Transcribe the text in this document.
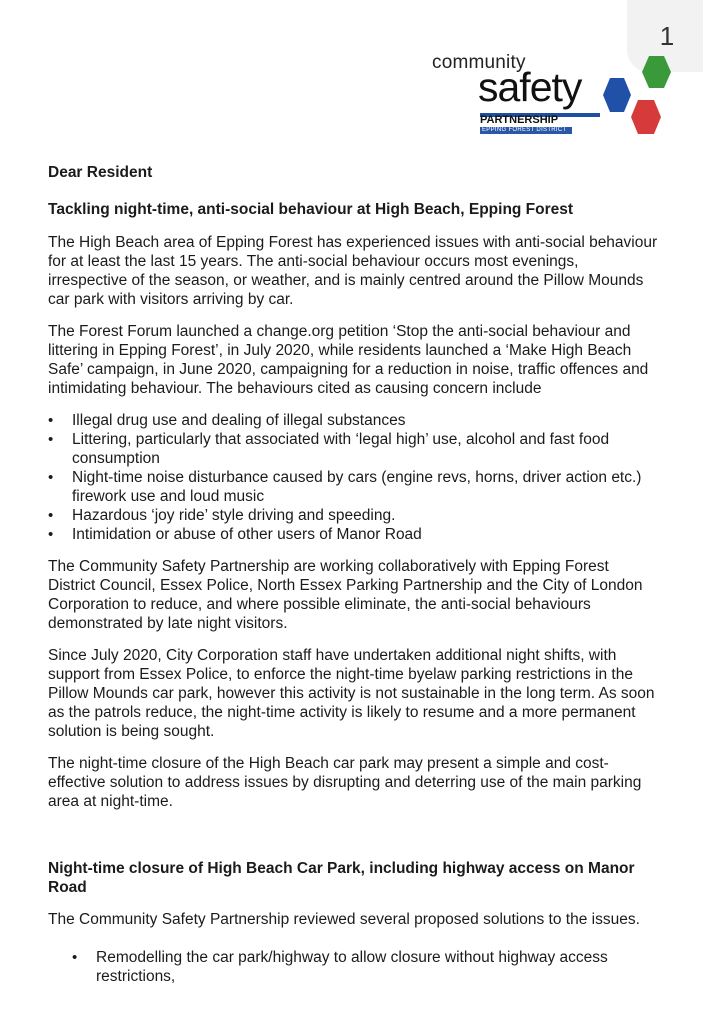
1
community
safety
PARTNERSHIP
EPPING FOREST DISTRICT

Dear Resident

Tackling night-time, anti-social behaviour at High Beach, Epping Forest

The High Beach area of Epping Forest has experienced issues with anti-social behaviour for at least the last 15 years. The anti-social behaviour occurs most evenings, irrespective of the season, or weather, and is mainly centred around the Pillow Mounds car park with visitors arriving by car.

The Forest Forum launched a change.org petition ‘Stop the anti-social behaviour and littering in Epping Forest’, in July 2020, while residents launched a ‘Make High Beach Safe’ campaign, in June 2020, campaigning for a reduction in noise, traffic offences and intimidating behaviour. The behaviours cited as causing concern include

• Illegal drug use and dealing of illegal substances
• Littering, particularly that associated with ‘legal high’ use, alcohol and fast food consumption
• Night-time noise disturbance caused by cars (engine revs, horns, driver action etc.) firework use and loud music
• Hazardous ‘joy ride’ style driving and speeding.
• Intimidation or abuse of other users of Manor Road

The Community Safety Partnership are working collaboratively with Epping Forest District Council, Essex Police, North Essex Parking Partnership and the City of London Corporation to reduce, and where possible eliminate, the anti-social behaviours demonstrated by late night visitors.

Since July 2020, City Corporation staff have undertaken additional night shifts, with support from Essex Police, to enforce the night-time byelaw parking restrictions in the Pillow Mounds car park, however this activity is not sustainable in the long term. As soon as the patrols reduce, the night-time activity is likely to resume and a more permanent solution is being sought.

The night-time closure of the High Beach car park may present a simple and cost-effective solution to address issues by disrupting and deterring use of the main parking area at night-time.

Night-time closure of High Beach Car Park, including highway access on Manor Road

The Community Safety Partnership reviewed several proposed solutions to the issues.

• Remodelling the car park/highway to allow closure without highway access restrictions,
